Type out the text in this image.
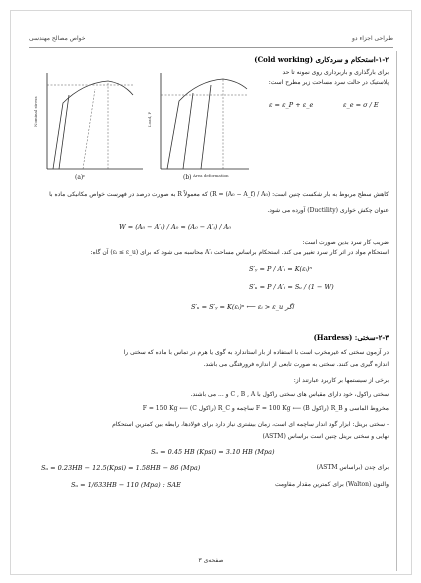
طراحی اجزاء دو
خواص مصالح مهندسی
۱-۲-استحکام و سردکاری (Cold working)
برای بارگذاری و باربرداری روی نمونه تا حد
پلاستیک در حالت سرد مساحت زیر مطرح است:
ε = ε_P + ε_e	ε_e = σ / E
Nominal stress
ε
Load, P
Area deformation
(a)	(b)
کاهش سطح مربوط به بار شکست چنین است: (R = (A₀ − A_f) / A₀) که معمولاً R به صورت درصد در فهرست خواص مکانیکی ماده با
عنوان چکش خواری (Ductility) آورده می شود.
W = (A₀ − A′ᵢ) / A₀ ≈ (A₀ − A′ᵢ) / A₀
ضریب کار سرد بدین صورت است:
استحکام مواد در اثر کار سرد تغییر می کند. استحکام براساس مساحت A′ᵢ محاسبه می شود که برای (εᵢ ≤ ε_u) آن گاه:
S′ᵧ = P / A′ᵢ = K(εᵢ)ⁿ
S′ᵤ = P / A′ᵢ = Sᵤ / (1 − W)
S′ᵤ = S′ᵧ = K(εᵢ)ⁿ ⟵ εᵢ > ε_u اگر
۲-۳-سختی: (Hardess)
در آزمون سختی که غیرمخرب است با استفاده از بار استاندارد به گوی یا هرم در تماس با ماده که سختی را
اندازه گیری می کنند. سختی به صورت تابعی از اندازه فرورفتگی می باشد.
برخی از سیستمها بر کاربرد عبارتند از:
سختی راکول، خود دارای مقیاس های سختی راکول با C , B , A و ... می باشند.
مخروط الماسی و R_B (راکول B) ⟵ F = 100 Kg ساچمه و R_C (راکول C) ⟵ F = 150 Kg
- سختی برینل: ابزار گود اندار ساچمه ای است، زمان بیشتری نیاز دارد برای فولادها، رابطه بین کمترین استحکام
نهایی و سختی برینل چنین است براساس (ASTM)
Sᵤ = 0.45 HB (Kpsi) = 3.10 HB (Mpa)
Sᵤ = 0.23HB − 12.5(Kpsi) = 1.58HB − 86 (Mpa)	برای چدن (براساس ASTM)
Sᵤ = 1/633HB − 110 (Mpa) : SAE	والتون (Walton) برای کمترین مقدار مقاومت
صفحه‌ی ۳
